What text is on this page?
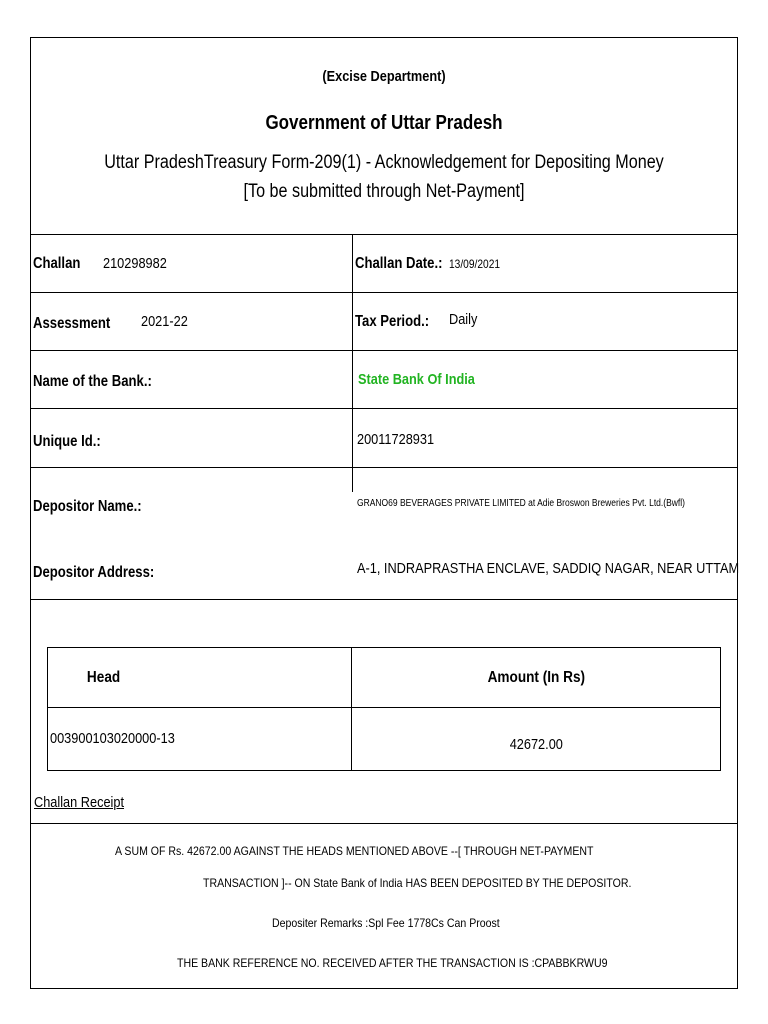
(Excise Department)
Government of Uttar Pradesh
Uttar PradeshTreasury Form-209(1) - Acknowledgement for Depositing Money
[To be submitted through Net-Payment]
Challan 210298982	Challan Date.: 13/09/2021
Assessment 2021-22	Tax Period.: Daily
Name of the Bank.:	State Bank Of India
Unique Id.:	20011728931
Depositor Name.:	GRANO69 BEVERAGES PRIVATE LIMITED at Adie Broswon Breweries Pvt. Ltd.(Bwfl)
Depositor Address:	A-1, INDRAPRASTHA ENCLAVE, SADDIQ NAGAR, NEAR UTTAM
Head	Amount (In Rs)
003900103020000-13	42672.00
Challan Receipt
A SUM OF Rs. 42672.00 AGAINST THE HEADS MENTIONED ABOVE --[ THROUGH NET-PAYMENT
TRANSACTION ]-- ON State Bank of India HAS BEEN DEPOSITED BY THE DEPOSITOR.
Depositer Remarks :Spl Fee 1778Cs Can Proost
THE BANK REFERENCE NO. RECEIVED AFTER THE TRANSACTION IS :CPABBKRWU9
